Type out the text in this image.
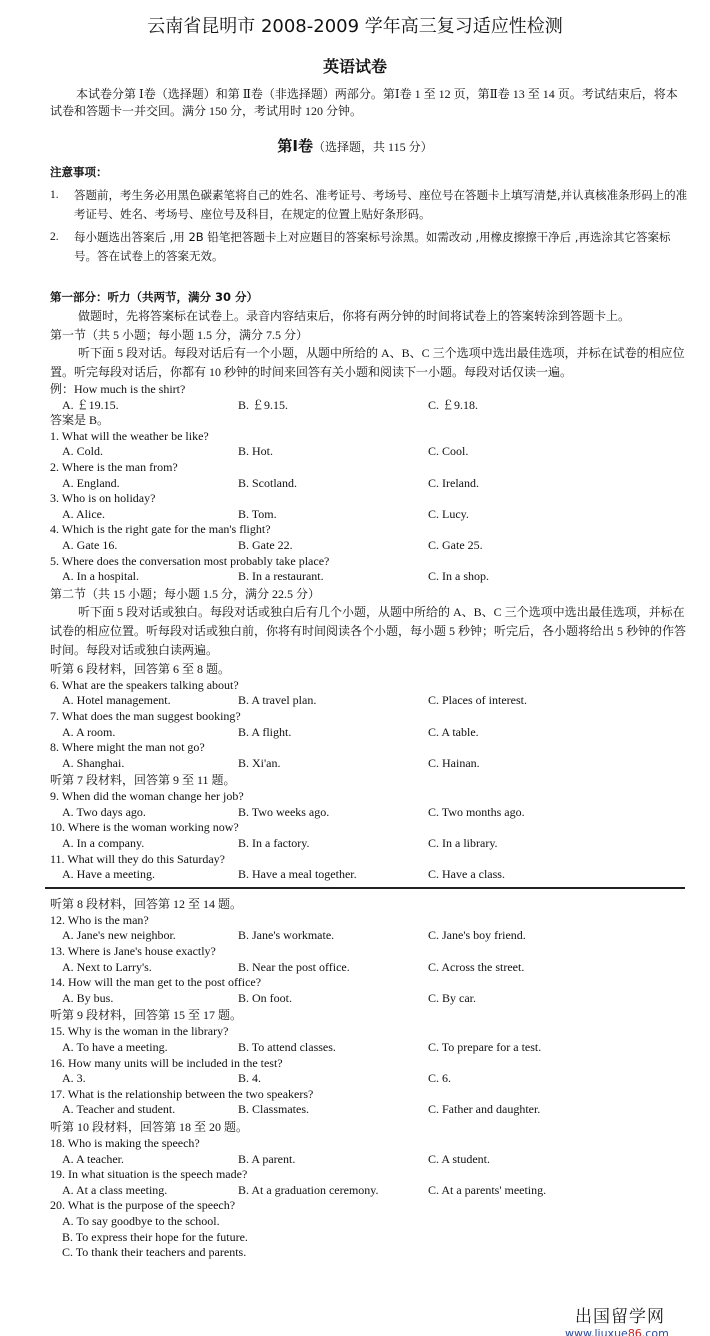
云南省昆明市 2008-2009 学年高三复习适应性检测
英语试卷
本试卷分第 Ⅰ卷（选择题）和第 Ⅱ卷（非选择题）两部分。第Ⅰ卷 1 至 12 页，第Ⅱ卷 13 至 14 页。考试结束后，将本试卷和答题卡一并交回。满分 150 分，考试用时 120 分钟。
第Ⅰ卷（选择题，共 115 分）
注意事项：
1.	答题前，考生务必用黑色碳素笔将自己的姓名、准考证号、考场号、座位号在答题卡上填写清楚,并认真核准条形码上的准考证号、姓名、考场号、座位号及科目，在规定的位置上贴好条形码。
2.	每小题选出答案后 ,用 2B 铅笔把答题卡上对应题目的答案标号涂黑。如需改动 ,用橡皮擦擦干净后 ,再选涂其它答案标号。答在试卷上的答案无效。
第一部分：听力（共两节，满分 30 分）
做题时，先将答案标在试卷上。录音内容结束后，你将有两分钟的时间将试卷上的答案转涂到答题卡上。
第一节（共 5 小题；每小题 1.5 分，满分 7.5 分）
听下面 5 段对话。每段对话后有一个小题，从题中所给的 A、B、C 三个选项中选出最佳选项，并标在试卷的相应位置。听完每段对话后，你都有 10 秒钟的时间来回答有关小题和阅读下一小题。每段对话仅读一遍。
例：How much is the shirt?
A. ￡19.15.	B. ￡9.15.	C. ￡9.18.
答案是 B。
1. What will the weather be like?
A. Cold.	B. Hot.	C. Cool.
2. Where is the man from?
A. England.	B. Scotland.	C. Ireland.
3. Who is on holiday?
A. Alice.	B. Tom.	C. Lucy.
4. Which is the right gate for the man's flight?
A. Gate 16.	B. Gate 22.	C. Gate 25.
5. Where does the conversation most probably take place?
A. In a hospital.	B. In a restaurant.	C. In a shop.
第二节（共 15 小题；每小题 1.5 分，满分 22.5 分）
听下面 5 段对话或独白。每段对话或独白后有几个小题，从题中所给的 A、B、C 三个选项中选出最佳选项，并标在试卷的相应位置。听每段对话或独白前，你将有时间阅读各个小题，每小题 5 秒钟；听完后，各小题将给出 5 秒钟的作答时间。每段对话或独白读两遍。
听第 6 段材料，回答第 6 至 8 题。
6. What are the speakers talking about?
A. Hotel management.	B. A travel plan.	C. Places of interest.
7. What does the man suggest booking?
A. A room.	B. A flight.	C. A table.
8. Where might the man not go?
A. Shanghai.	B. Xi'an.	C. Hainan.
听第 7 段材料，回答第 9 至 11 题。
9. When did the woman change her job?
A. Two days ago.	B. Two weeks ago.	C. Two months ago.
10. Where is the woman working now?
A. In a company.	B. In a factory.	C. In a library.
11. What will they do this Saturday?
A. Have a meeting.	B. Have a meal together.	C. Have a class.
听第 8 段材料，回答第 12 至 14 题。
12. Who is the man?
A. Jane's new neighbor.	B. Jane's workmate.	C. Jane's boy friend.
13. Where is Jane's house exactly?
A. Next to Larry's.	B. Near the post office.	C. Across the street.
14. How will the man get to the post office?
A. By bus.	B. On foot.	C. By car.
听第 9 段材料，回答第 15 至 17 题。
15. Why is the woman in the library?
A. To have a meeting.	B. To attend classes.	C. To prepare for a test.
16. How many units will be included in the test?
A. 3.	B. 4.	C. 6.
17. What is the relationship between the two speakers?
A. Teacher and student.	B. Classmates.	C. Father and daughter.
听第 10 段材料，回答第 18 至 20 题。
18. Who is making the speech?
A. A teacher.	B. A parent.	C. A student.
19. In what situation is the speech made?
A. At a class meeting.	B. At a graduation ceremony.	C. At a parents' meeting.
20. What is the purpose of the speech?
A. To say goodbye to the school.
B. To express their hope for the future.
C. To thank their teachers and parents.
出国留学网
www.liuxue86.com
